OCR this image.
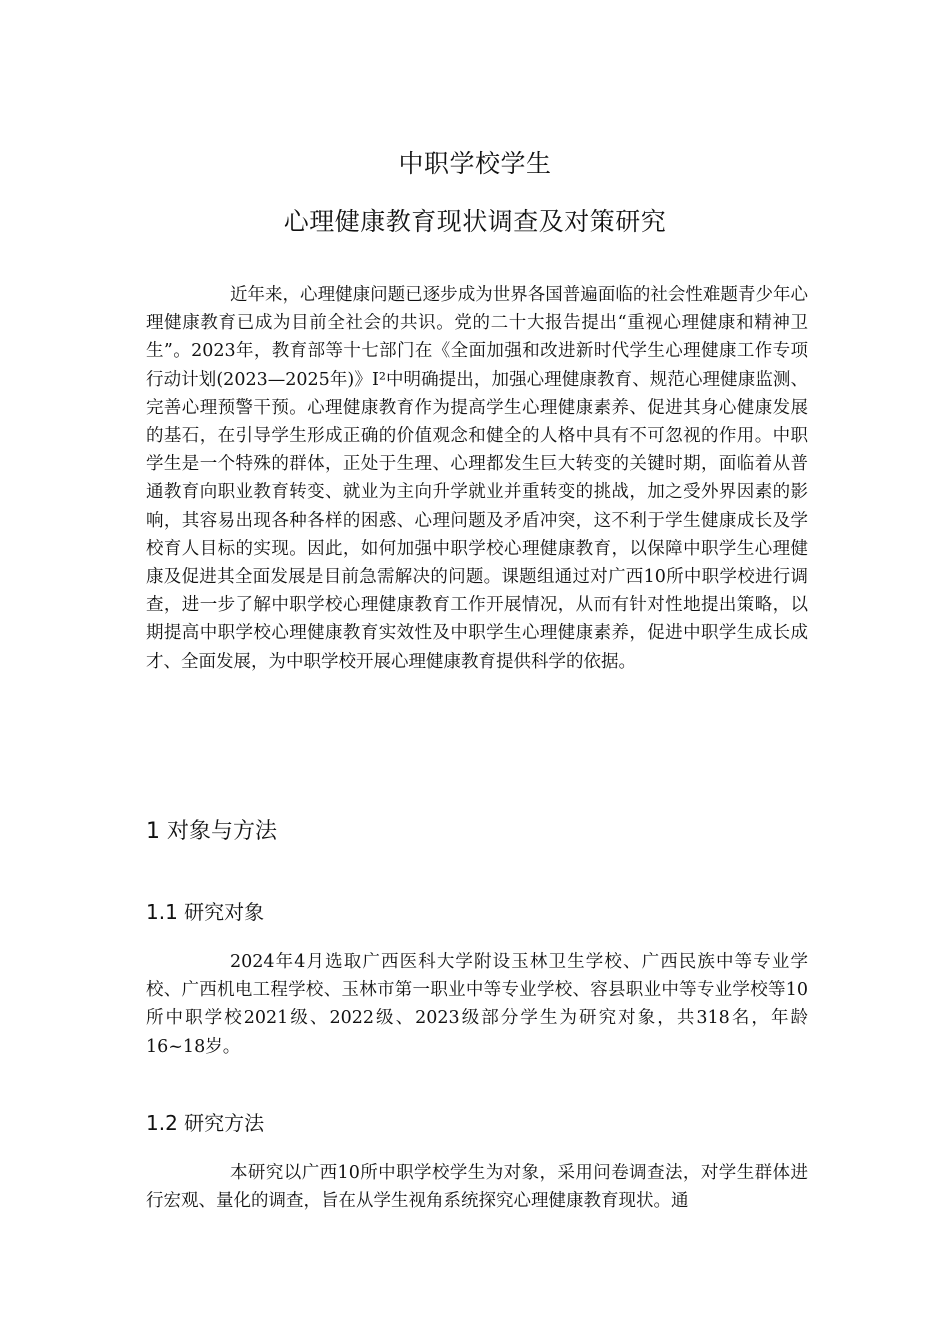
中职学校学生
心理健康教育现状调查及对策研究

近年来，心理健康问题已逐步成为世界各国普遍面临的社会性难题青少年心理健康教育已成为目前全社会的共识。党的二十大报告提出“重视心理健康和精神卫生”。2023年，教育部等十七部门在《全面加强和改进新时代学生心理健康工作专项行动计划(2023—2025年)》I²中明确提出，加强心理健康教育、规范心理健康监测、完善心理预警干预。心理健康教育作为提高学生心理健康素养、促进其身心健康发展的基石，在引导学生形成正确的价值观念和健全的人格中具有不可忽视的作用。中职学生是一个特殊的群体，正处于生理、心理都发生巨大转变的关键时期，面临着从普通教育向职业教育转变、就业为主向升学就业并重转变的挑战，加之受外界因素的影响，其容易出现各种各样的困惑、心理问题及矛盾冲突，这不利于学生健康成长及学校育人目标的实现。因此，如何加强中职学校心理健康教育，以保障中职学生心理健康及促进其全面发展是目前急需解决的问题。课题组通过对广西10所中职学校进行调查，进一步了解中职学校心理健康教育工作开展情况，从而有针对性地提出策略，以期提高中职学校心理健康教育实效性及中职学生心理健康素养，促进中职学生成长成才、全面发展，为中职学校开展心理健康教育提供科学的依据。

1 对象与方法
1.1 研究对象

2024年4月选取广西医科大学附设玉林卫生学校、广西民族中等专业学校、广西机电工程学校、玉林市第一职业中等专业学校、容县职业中等专业学校等10所中职学校2021级、2022级、2023级部分学生为研究对象，共318名，年龄16~18岁。

1.2 研究方法

本研究以广西10所中职学校学生为对象，采用问卷调查法，对学生群体进行宏观、量化的调查，旨在从学生视角系统探究心理健康教育现状。通
